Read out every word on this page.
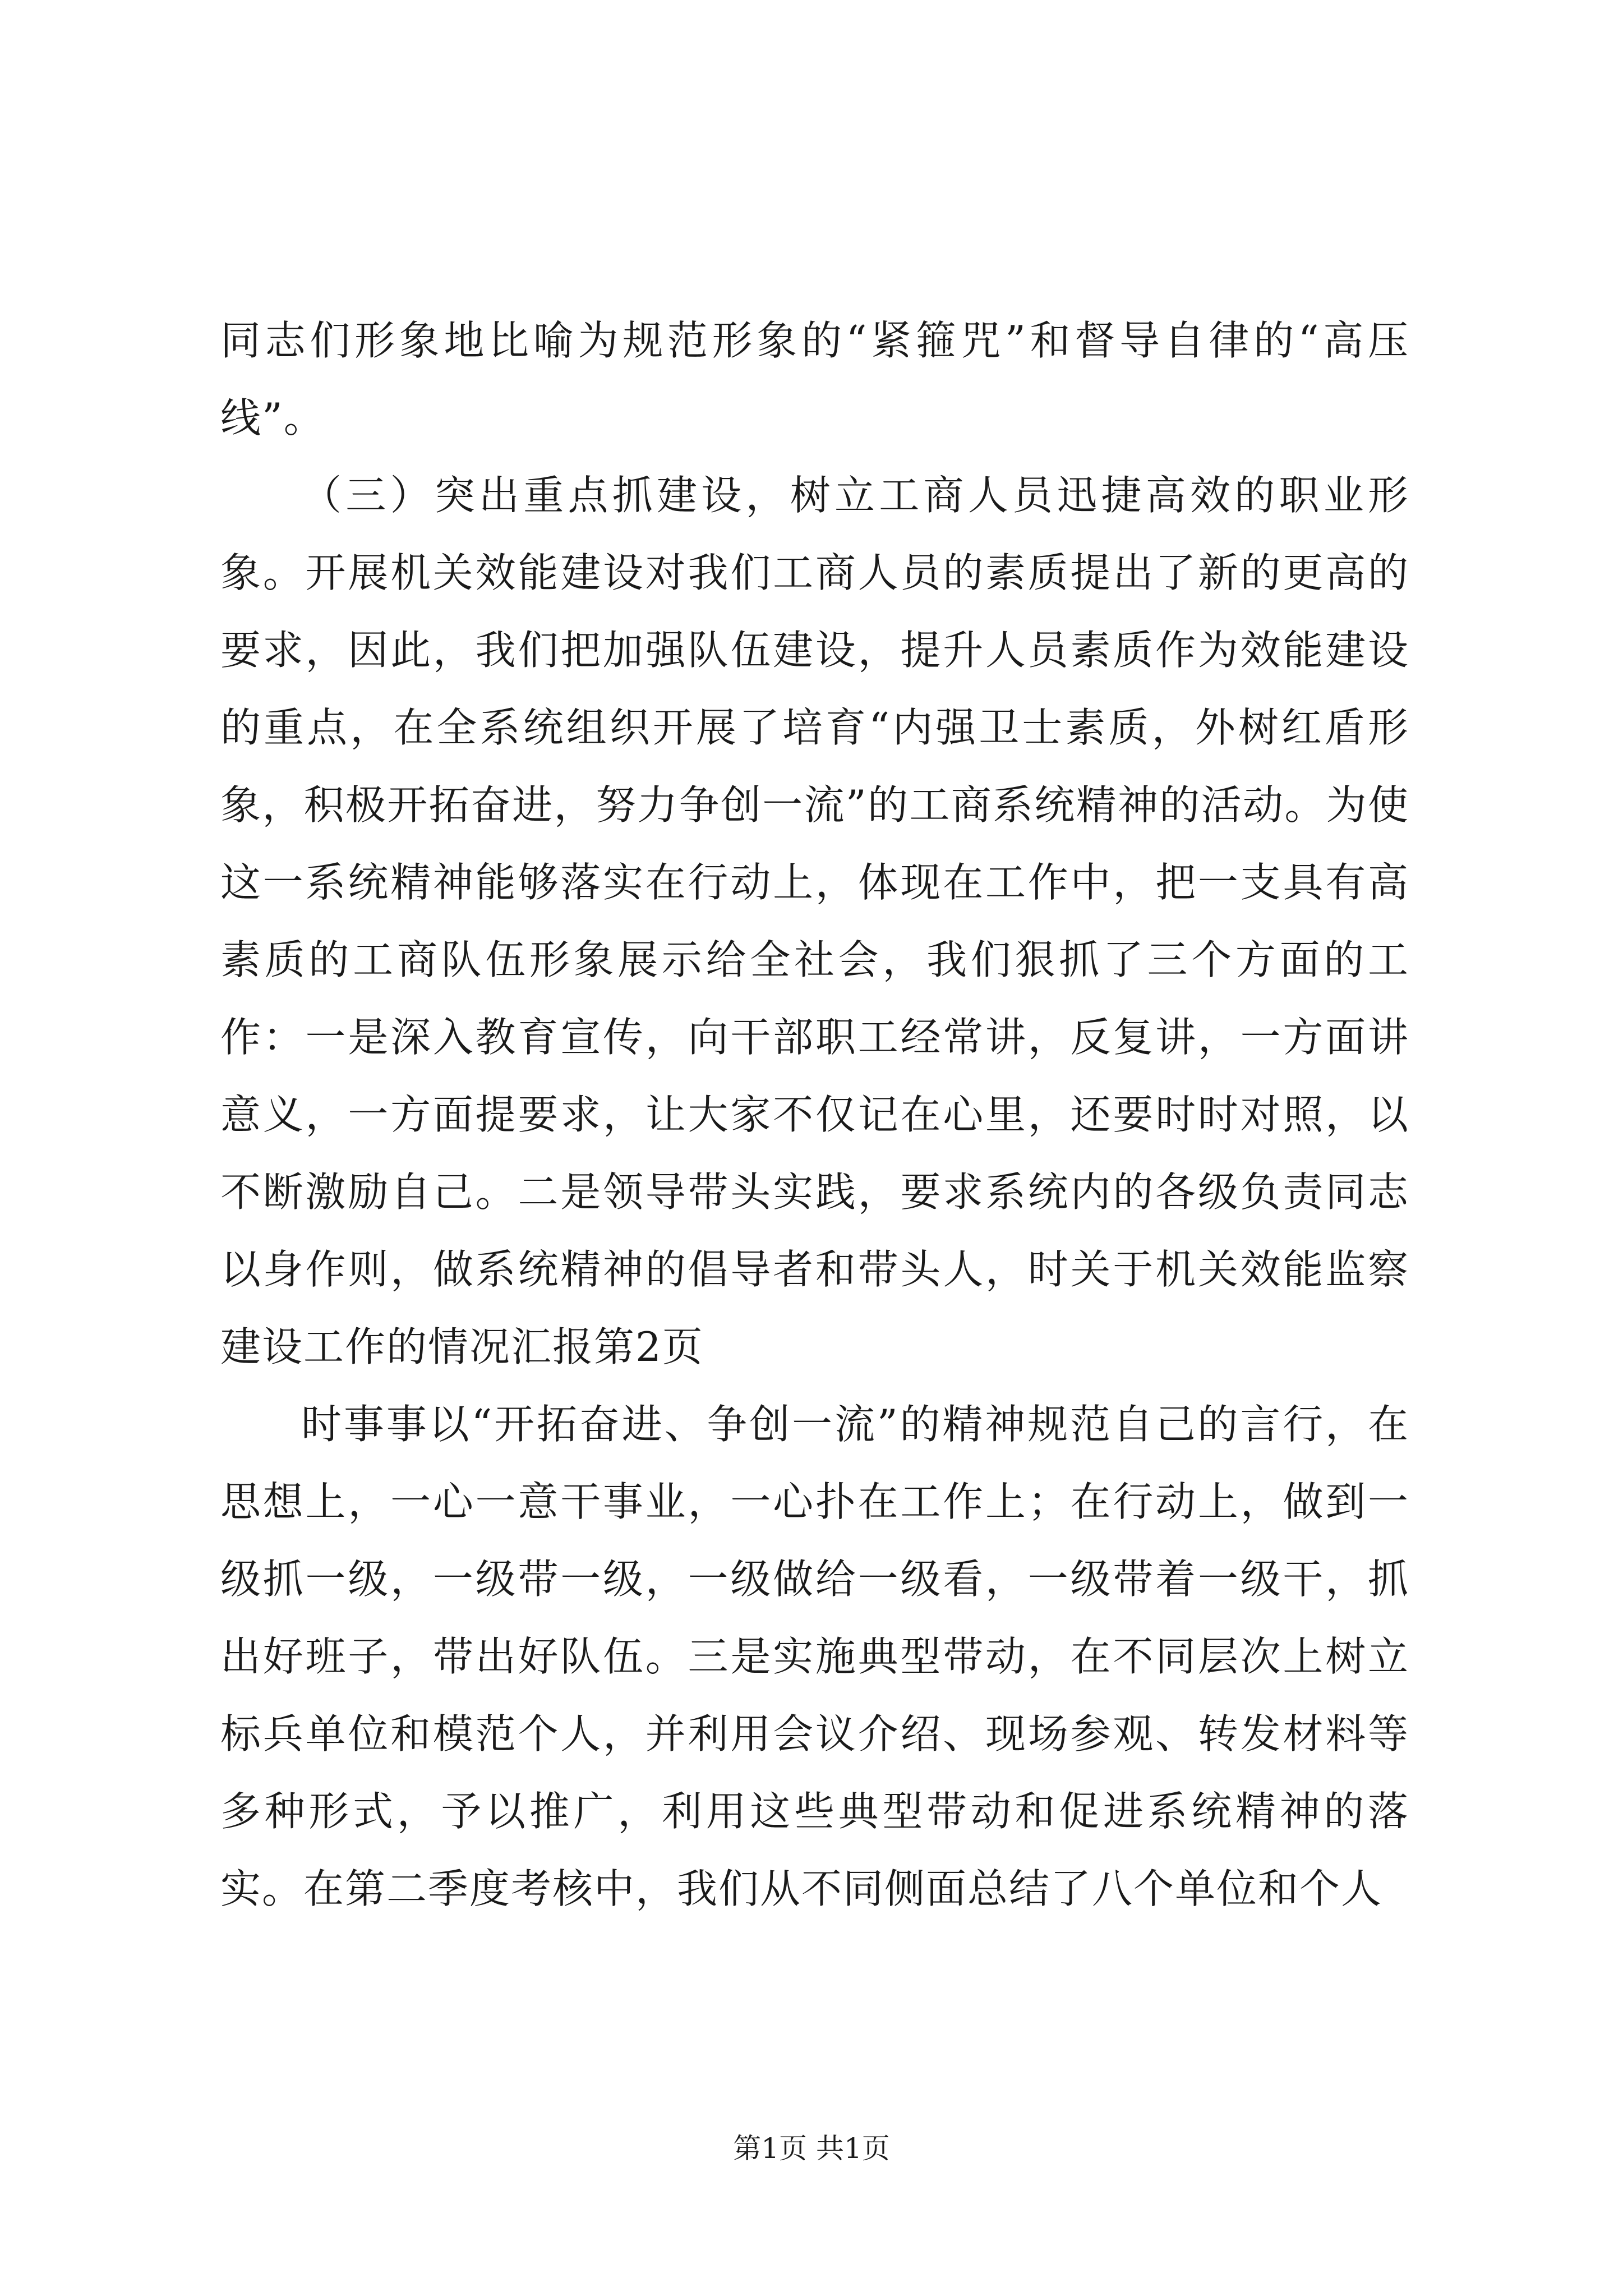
同志们形象地比喻为规范形象的“紧箍咒”和督导自律的“高压线”。

（三）突出重点抓建设，树立工商人员迅捷高效的职业形象。开展机关效能建设对我们工商人员的素质提出了新的更高的要求，因此，我们把加强队伍建设，提升人员素质作为效能建设的重点，在全系统组织开展了培育“内强卫士素质，外树红盾形象，积极开拓奋进，努力争创一流”的工商系统精神的活动。为使这一系统精神能够落实在行动上，体现在工作中，把一支具有高素质的工商队伍形象展示给全社会，我们狠抓了三个方面的工作：一是深入教育宣传，向干部职工经常讲，反复讲，一方面讲意义，一方面提要求，让大家不仅记在心里，还要时时对照，以不断激励自己。二是领导带头实践，要求系统内的各级负责同志以身作则，做系统精神的倡导者和带头人，时关于机关效能监察建设工作的情况汇报第2页

时事事以“开拓奋进、争创一流”的精神规范自己的言行，在思想上，一心一意干事业，一心扑在工作上；在行动上，做到一级抓一级，一级带一级，一级做给一级看，一级带着一级干，抓出好班子，带出好队伍。三是实施典型带动，在不同层次上树立标兵单位和模范个人，并利用会议介绍、现场参观、转发材料等多种形式，予以推广，利用这些典型带动和促进系统精神的落实。在第二季度考核中，我们从不同侧面总结了八个单位和个人

第1页 共1页
